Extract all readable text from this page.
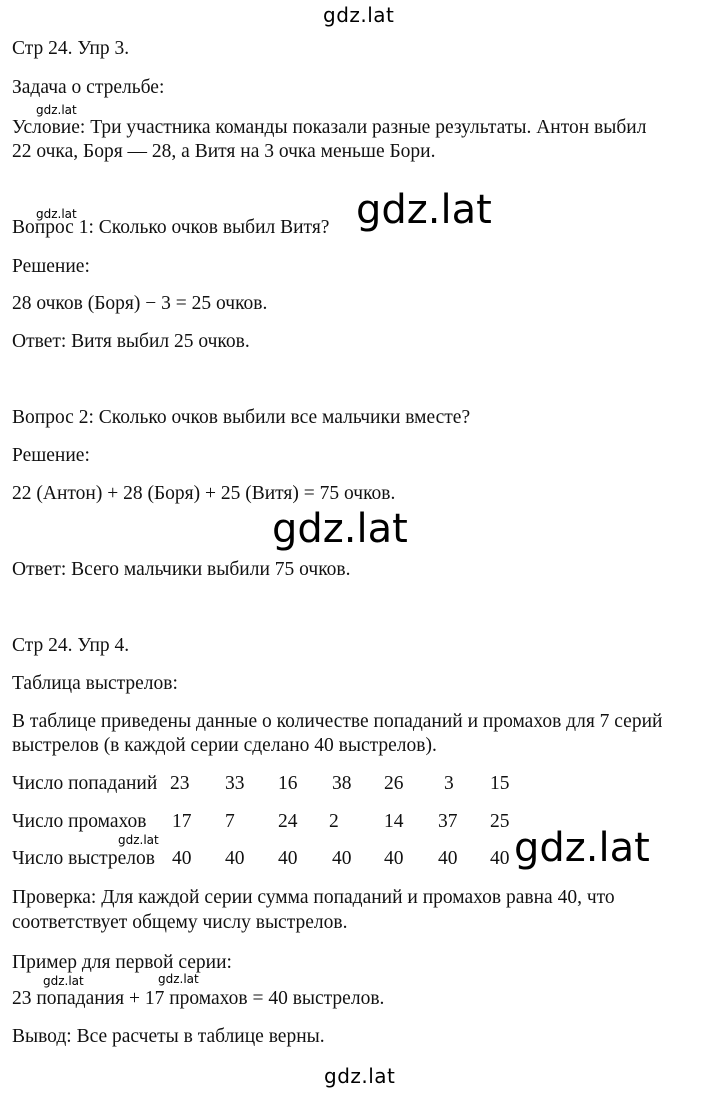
gdz.lat
gdz.lat
gdz.lat	gdz.lat
gdz.lat
gdz.lat	gdz.lat
gdz.lat	gdz.lat
gdz.lat
Стр 24. Упр 3.
Задача о стрельбе:
Условие: Три участника команды показали разные результаты. Антон выбил
22 очка, Боря — 28, а Витя на 3 очка меньше Бори.
Вопрос 1: Сколько очков выбил Витя?
Решение:
28 очков (Боря) − 3 = 25 очков.
Ответ: Витя выбил 25 очков.
Вопрос 2: Сколько очков выбили все мальчики вместе?
Решение:
22 (Антон) + 28 (Боря) + 25 (Витя) = 75 очков.
Ответ: Всего мальчики выбили 75 очков.
Стр 24. Упр 4.
Таблица выстрелов:
В таблице приведены данные о количестве попаданий и промахов для 7 серий
выстрелов (в каждой серии сделано 40 выстрелов).
Число попаданий 23 33 16 38 26 3 15
Число промахов 17 7 24 2 14 37 25
Число выстрелов 40 40 40 40 40 40 40
Проверка: Для каждой серии сумма попаданий и промахов равна 40, что
соответствует общему числу выстрелов.
Пример для первой серии:
23 попадания + 17 промахов = 40 выстрелов.
Вывод: Все расчеты в таблице верны.
